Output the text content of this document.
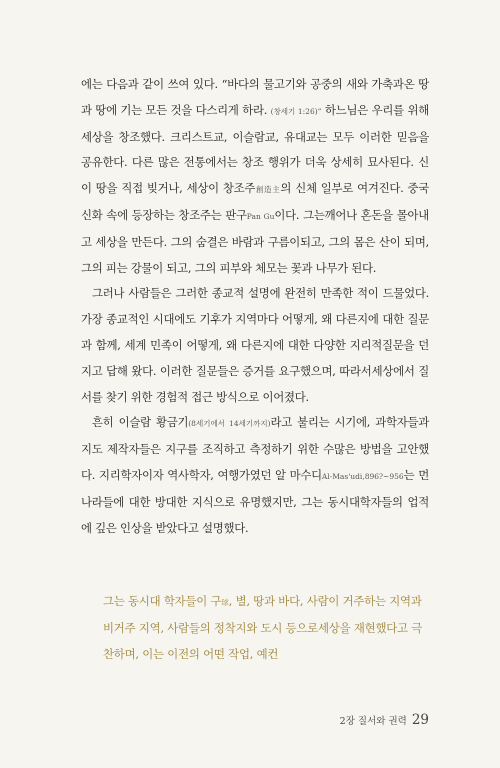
에는 다음과 같이 쓰여 있다. “바다의 물고기와 공중의 새와 가축과온 땅과 땅에 기는 모든 것을 다스리게 하라. (창세기 1:26)” 하느님은 우리를 위해 세상을 창조했다. 크리스트교, 이슬람교, 유대교는 모두 이러한 믿음을 공유한다. 다른 많은 전통에서는 창조 행위가 더욱 상세히 묘사된다. 신이 땅을 직접 빚거나, 세상이 창조주創造主의 신체 일부로 여겨진다. 중국 신화 속에 등장하는 창조주는 판구Pan Gu이다. 그는깨어나 혼돈을 몰아내고 세상을 만든다. 그의 숨결은 바람과 구름이되고, 그의 몸은 산이 되며, 그의 피는 강물이 되고, 그의 피부와 체모는 꽃과 나무가 된다.

그러나 사람들은 그러한 종교적 설명에 완전히 만족한 적이 드물었다. 가장 종교적인 시대에도 기후가 지역마다 어떻게, 왜 다른지에 대한 질문과 함께, 세계 민족이 어떻게, 왜 다른지에 대한 다양한 지리적질문을 던지고 답해 왔다. 이러한 질문들은 증거를 요구했으며, 따라서세상에서 질서를 찾기 위한 경험적 접근 방식으로 이어졌다.

흔히 이슬람 황금기(8세기에서 14세기까지)라고 불리는 시기에, 과학자들과 지도 제작자들은 지구를 조직하고 측정하기 위한 수많은 방법을 고안했다. 지리학자이자 역사학자, 여행가였던 알 마수디Al-Mas'udi,896?~956는 먼 나라들에 대한 방대한 지식으로 유명했지만, 그는 동시대학자들의 업적에 깊은 인상을 받았다고 설명했다.

그는 동시대 학자들이 구球, 별, 땅과 바다, 사람이 거주하는 지역과 비거주 지역, 사람들의 정착지와 도시 등으로세상을 재현했다고 극찬하며, 이는 이전의 어떤 작업, 예컨

2장 질서와 권력 29
